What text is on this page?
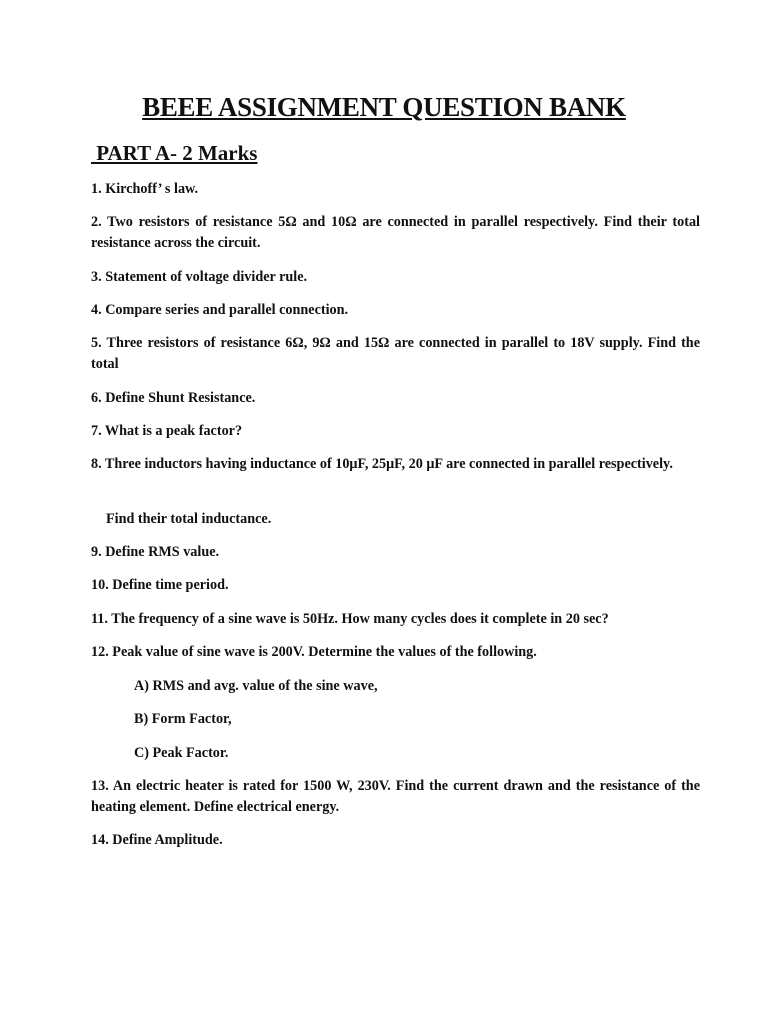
BEEE ASSIGNMENT QUESTION BANK
PART A- 2 Marks
1. Kirchoff’ s law.
2. Two resistors of resistance 5Ω and 10Ω are connected in parallel respectively. Find their total resistance across the circuit.
3. Statement of voltage divider rule.
4. Compare series and parallel connection.
5. Three resistors of resistance 6Ω, 9Ω and 15Ω are connected in parallel to 18V supply. Find the total
6. Define Shunt Resistance.
7. What is a peak factor?
8. Three inductors having inductance of 10μF, 25μF, 20 μF are connected in parallel respectively.
Find their total inductance.
9. Define RMS value.
10. Define time period.
11. The frequency of a sine wave is 50Hz. How many cycles does it complete in 20 sec?
12. Peak value of sine wave is 200V. Determine the values of the following.
A) RMS and avg. value of the sine wave,
B) Form Factor,
C) Peak Factor.
13. An electric heater is rated for 1500 W, 230V. Find the current drawn and the resistance of the heating element. Define electrical energy.
14. Define Amplitude.
